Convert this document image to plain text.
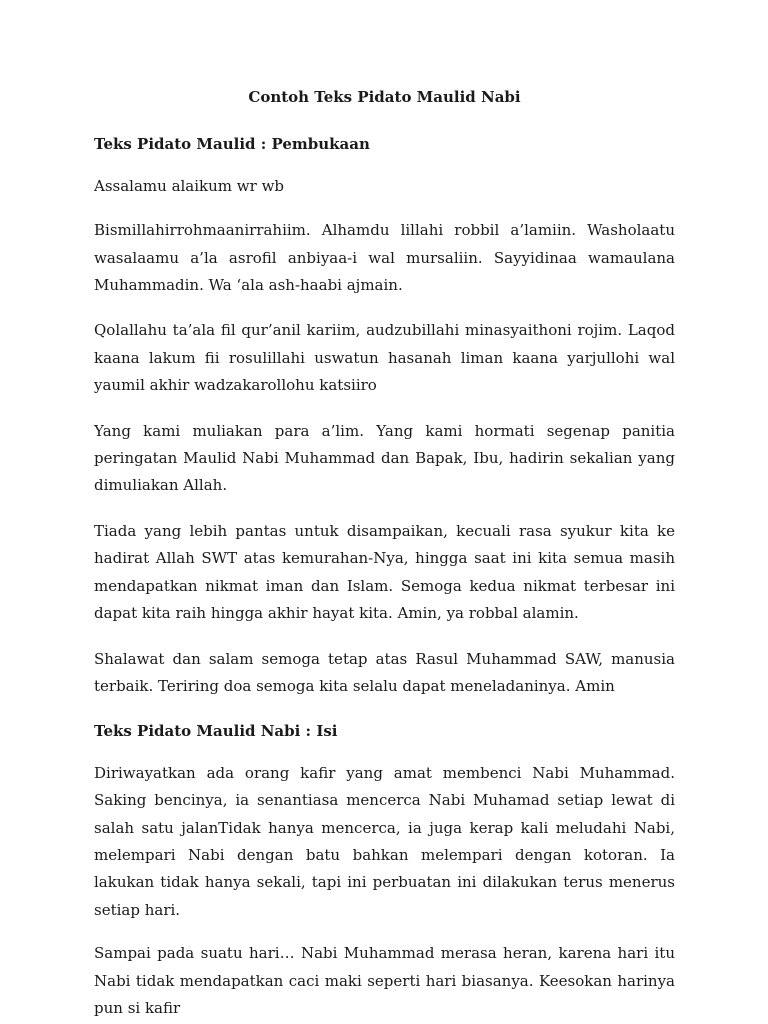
Contoh Teks Pidato Maulid Nabi
Teks Pidato Maulid : Pembukaan
Assalamu alaikum wr wb
Bismillahirrohmaanirrahiim. Alhamdu lillahi robbil a’lamiin. Washolaatu wasalaamu a’la asrofil anbiyaa-i wal mursaliin. Sayyidinaa wamaulana Muhammadin. Wa ‘ala ash-haabi ajmain.
Qolallahu ta’ala fil qur’anil kariim, audzubillahi minasyaithoni rojim. Laqod kaana lakum fii rosulillahi uswatun hasanah liman kaana yarjullohi wal yaumil akhir wadzakarollohu katsiiro
Yang kami muliakan para a’lim. Yang kami hormati segenap panitia peringatan Maulid Nabi Muhammad dan Bapak, Ibu, hadirin sekalian yang dimuliakan Allah.
Tiada yang lebih pantas untuk disampaikan, kecuali rasa syukur kita ke hadirat Allah SWT atas kemurahan-Nya, hingga saat ini kita semua masih mendapatkan nikmat iman dan Islam. Semoga kedua nikmat terbesar ini dapat kita raih hingga akhir hayat kita. Amin, ya robbal alamin.
Shalawat dan salam semoga tetap atas Rasul Muhammad SAW, manusia terbaik. Teriring doa semoga kita selalu dapat meneladaninya. Amin
Teks Pidato Maulid Nabi : Isi
Diriwayatkan ada orang kafir yang amat membenci Nabi Muhammad. Saking bencinya, ia senantiasa mencerca Nabi Muhamad setiap lewat di salah satu jalanTidak hanya mencerca, ia juga kerap kali meludahi Nabi, melempari Nabi dengan batu bahkan melempari dengan kotoran. Ia lakukan tidak hanya sekali, tapi ini perbuatan ini dilakukan terus menerus setiap hari.
Sampai pada suatu hari… Nabi Muhammad merasa heran, karena hari itu Nabi tidak mendapatkan caci maki seperti hari biasanya. Keesokan harinya pun si kafir
